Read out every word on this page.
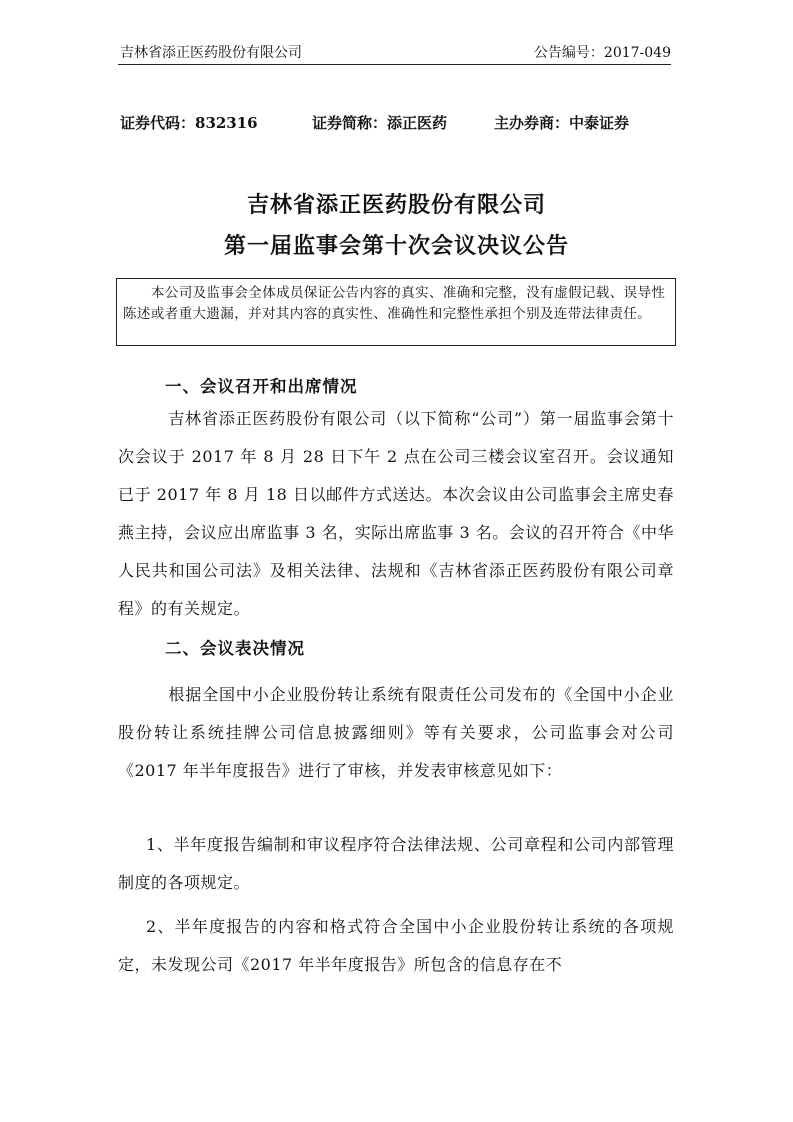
吉林省添正医药股份有限公司	公告编号：2017-049
证券代码：832316	证券简称：添正医药	主办券商：中泰证券
吉林省添正医药股份有限公司
第一届监事会第十次会议决议公告
本公司及监事会全体成员保证公告内容的真实、准确和完整，没有虚假记载、误导性陈述或者重大遗漏，并对其内容的真实性、准确性和完整性承担个别及连带法律责任。
一、会议召开和出席情况
吉林省添正医药股份有限公司（以下简称“公司”）第一届监事会第十次会议于 2017 年 8 月 28 日下午 2 点在公司三楼会议室召开。会议通知已于 2017 年 8 月 18 日以邮件方式送达。本次会议由公司监事会主席史春燕主持，会议应出席监事 3 名，实际出席监事 3 名。会议的召开符合《中华人民共和国公司法》及相关法律、法规和《吉林省添正医药股份有限公司章程》的有关规定。
二、会议表决情况
根据全国中小企业股份转让系统有限责任公司发布的《全国中小企业股份转让系统挂牌公司信息披露细则》等有关要求，公司监事会对公司《2017 年半年度报告》进行了审核，并发表审核意见如下：
1、半年度报告编制和审议程序符合法律法规、公司章程和公司内部管理制度的各项规定。
2、半年度报告的内容和格式符合全国中小企业股份转让系统的各项规定，未发现公司《2017 年半年度报告》所包含的信息存在不
